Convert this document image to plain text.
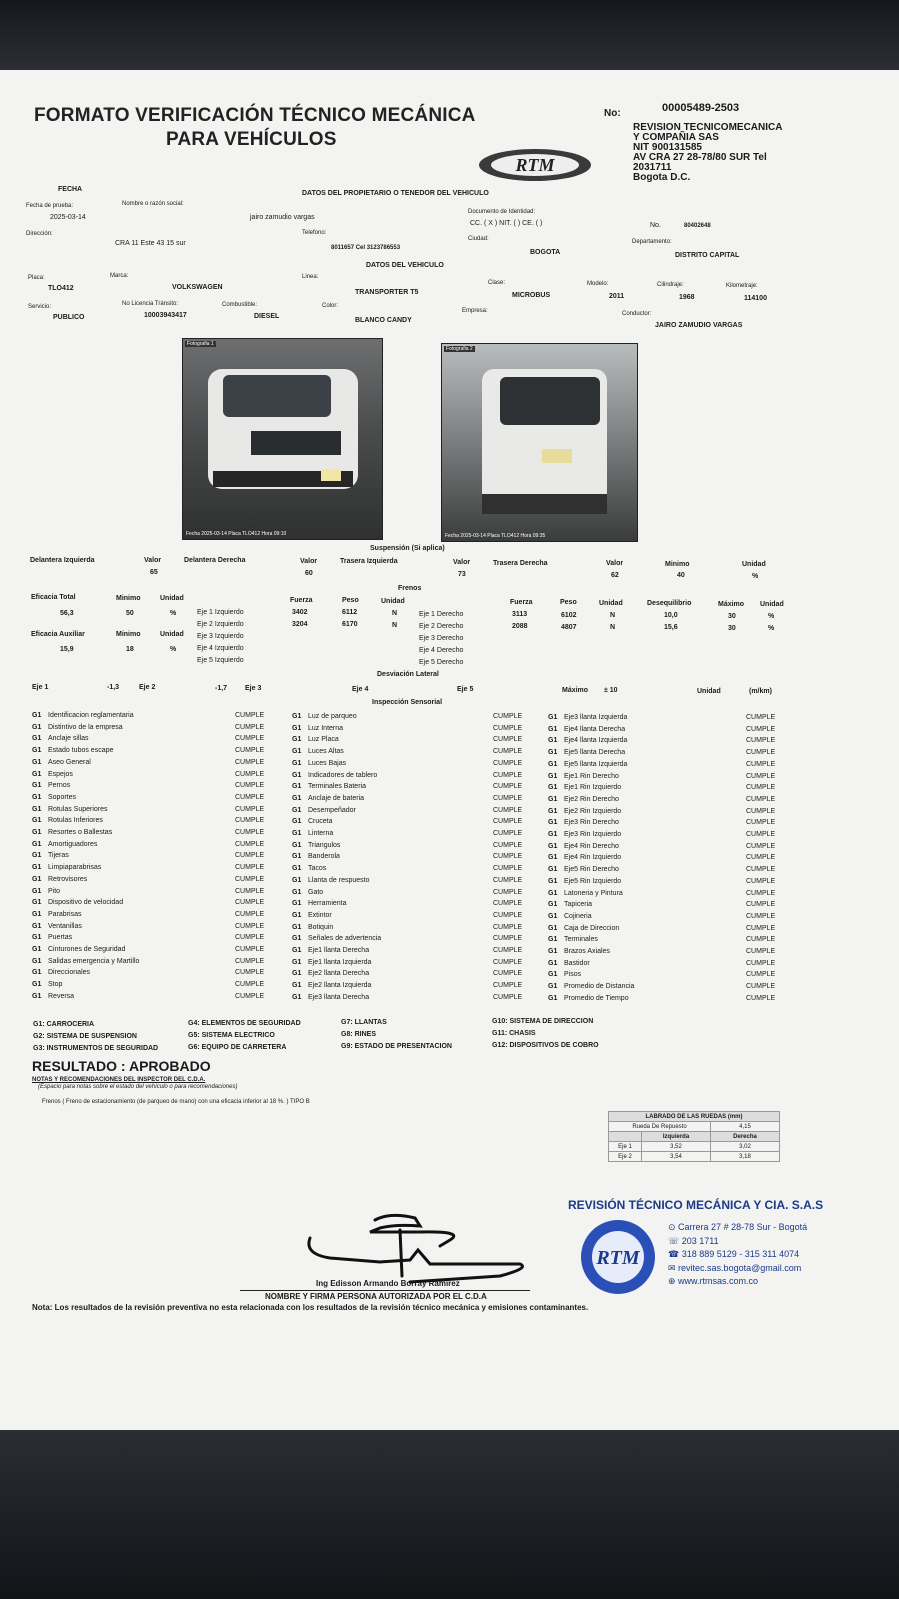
FORMATO VERIFICACIÓN TÉCNICO MECÁNICA
PARA VEHÍCULOS
No:	00005489-2503
REVISION TECNICOMECANICA
Y COMPAÑIA SAS
NIT 900131585
AV CRA 27 28-78/80 SUR Tel
2031711
Bogota D.C.
RTM
FECHA
DATOS DEL PROPIETARIO O TENEDOR DEL VEHICULO
Fecha de prueba:
2025-03-14
Nombre o razón social:
jairo zamudio vargas
Documento de Identidad:
CC. ( X ) NIT. ( ) CE. ( )	No.	80402648
Dirección:
CRA 11 Este 43 15 sur
Telefono:
8011657 Cel 3123786553
Ciudad:
BOGOTA
Departamento:
DISTRITO CAPITAL
DATOS DEL VEHICULO
Placa:
TLO412
Marca:
VOLKSWAGEN
Linea:
TRANSPORTER T5
Clase:
MICROBUS
Modelo:
2011
Cilindraje:
1968
Kilometraje:
114100
Servicio:
PUBLICO
No Licencia Tránsito:
10003943417
Combustible:
DIESEL
Color:
BLANCO CANDY
Empresa:	Conductor:
JAIRO ZAMUDIO VARGAS
Fotografia 1
Fecha 2025-03-14 Placa TLO412 Hora 09:10
Fotografia 2
Fecha 2025-03-14 Placa TLO412 Hora 09:35
Suspensión (Si aplica)
Delantera Izquierda	Valor	Delantera Derecha	Valor	Trasera Izquierda	Valor	Trasera Derecha	Valor	Minimo	Unidad
65	60	73	62	40	%
Frenos
Eficacia Total	Minimo	Unidad
56,3	50	%
Eficacia Auxiliar	Minimo	Unidad
15,9	18	%
Fuerza	Peso	Unidad	Fuerza	Peso	Unidad	Desequilibrio	Máximo Unidad
Eje 1 Izquierdo	3402	6112	N	Eje 1 Derecho	3113	6102	N	10,0	30	%
Eje 2 Izquierdo	3204	6170	N	Eje 2 Derecho	2088	4807	N	15,6	30	%
Eje 3 Izquierdo	Eje 3 Derecho
Eje 4 Izquierdo	Eje 4 Derecho
Eje 5 Izquierdo	Eje 5 Derecho
Desviación Lateral
Eje 1	-1,3	Eje 2	-1,7	Eje 3	Eje 4	Eje 5	Máximo ± 10	Unidad	(m/km)
Inspección Sensorial
G1 Identificacion reglamentaria	CUMPLE
G1 Distintivo de la empresa	CUMPLE
G1 Anclaje sillas	CUMPLE
G1 Estado tubos escape	CUMPLE
G1 Aseo General	CUMPLE
G1 Espejos	CUMPLE
G1 Pernos	CUMPLE
G1 Soportes	CUMPLE
G1 Rotulas Superiores	CUMPLE
G1 Rotulas Inferiores	CUMPLE
G1 Resortes o Ballestas	CUMPLE
G1 Amortiguadores	CUMPLE
G1 Tijeras	CUMPLE
G1 Limpiaparabrisas	CUMPLE
G1 Retrovisores	CUMPLE
G1 Pito	CUMPLE
G1 Dispositivo de velocidad	CUMPLE
G1 Parabrisas	CUMPLE
G1 Ventanillas	CUMPLE
G1 Puertas	CUMPLE
G1 Cinturones de Seguridad	CUMPLE
G1 Salidas emergencia y Martillo	CUMPLE
G1 Direccionales	CUMPLE
G1 Stop	CUMPLE
G1 Reversa	CUMPLE
G1 Luz de parqueo	CUMPLE
G1 Luz Interna	CUMPLE
G1 Luz Placa	CUMPLE
G1 Luces Altas	CUMPLE
G1 Luces Bajas	CUMPLE
G1 Indicadores de tablero	CUMPLE
G1 Terminales Bateria	CUMPLE
G1 Anclaje de bateria	CUMPLE
G1 Desempeñador	CUMPLE
G1 Cruceta	CUMPLE
G1 Linterna	CUMPLE
G1 Triangulos	CUMPLE
G1 Banderola	CUMPLE
G1 Tacos	CUMPLE
G1 Llanta de respuesto	CUMPLE
G1 Gato	CUMPLE
G1 Herramienta	CUMPLE
G1 Extintor	CUMPLE
G1 Botiquin	CUMPLE
G1 Señales de advertencia	CUMPLE
G1 Eje1 llanta Derecha	CUMPLE
G1 Eje1 llanta Izquierda	CUMPLE
G1 Eje2 llanta Derecha	CUMPLE
G1 Eje2 llanta Izquierda	CUMPLE
G1 Eje3 llanta Derecha	CUMPLE
G1 Eje3 llanta Izquierda	CUMPLE
G1 Eje4 llanta Derecha	CUMPLE
G1 Eje4 llanta Izquierda	CUMPLE
G1 Eje5 llanta Derecha	CUMPLE
G1 Eje5 llanta Izquierda	CUMPLE
G1 Eje1 Rin Derecho	CUMPLE
G1 Eje1 Rin Izquierdo	CUMPLE
G1 Eje2 Rin Derecho	CUMPLE
G1 Eje2 Rin Izquierdo	CUMPLE
G1 Eje3 Rin Derecho	CUMPLE
G1 Eje3 Rin Izquierdo	CUMPLE
G1 Eje4 Rin Derecho	CUMPLE
G1 Eje4 Rin Izquierdo	CUMPLE
G1 Eje5 Rin Derecho	CUMPLE
G1 Eje5 Rin Izquierdo	CUMPLE
G1 Latoneria y Pintura	CUMPLE
G1 Tapiceria	CUMPLE
G1 Cojineria	CUMPLE
G1 Caja de Direccion	CUMPLE
G1 Terminales	CUMPLE
G1 Brazos Axiales	CUMPLE
G1 Bastidor	CUMPLE
G1 Pisos	CUMPLE
G1 Promedio de Distancia	CUMPLE
G1 Promedio de Tiempo	CUMPLE
G1: CARROCERIA	G4: ELEMENTOS DE SEGURIDAD	G7: LLANTAS	G10: SISTEMA DE DIRECCION
G2: SISTEMA DE SUSPENSION	G5: SISTEMA ELECTRICO	G8: RINES	G11: CHASIS
G3: INSTRUMENTOS DE SEGURIDAD	G6: EQUIPO DE CARRETERA	G9: ESTADO DE PRESENTACION	G12: DISPOSITIVOS DE COBRO
RESULTADO : APROBADO
NOTAS Y RECOMENDACIONES DEL INSPECTOR DEL C.D.A.
(Espacio para notas sobre el estado del vehículo o para recomendaciones)
Frenos ( Freno de estacionamiento (de parqueo de mano) con una eficacia inferior al 18 %. ) TIPO B
LABRADO DE LAS RUEDAS (mm)		
Rueda De Repuesto		4,15
	Izquierda	Derecha
Eje 1	3,52	3,02
Eje 2	3,54	3,18
Ing Edisson Armando Borray Ramirez
NOMBRE Y FIRMA PERSONA AUTORIZADA POR EL C.D.A
REVISIÓN TÉCNICO MECÁNICA Y CIA. S.A.S
RTM
⊙ Carrera 27 # 28-78 Sur - Bogotá
☏ 203 1711
☎ 318 889 5129 - 315 311 4074
✉ revitec.sas.bogota@gmail.com
⊕ www.rtmsas.com.co
Nota: Los resultados de la revisión preventiva no esta relacionada con los resultados de la revisión técnico mecánica y emisiones contaminantes.
